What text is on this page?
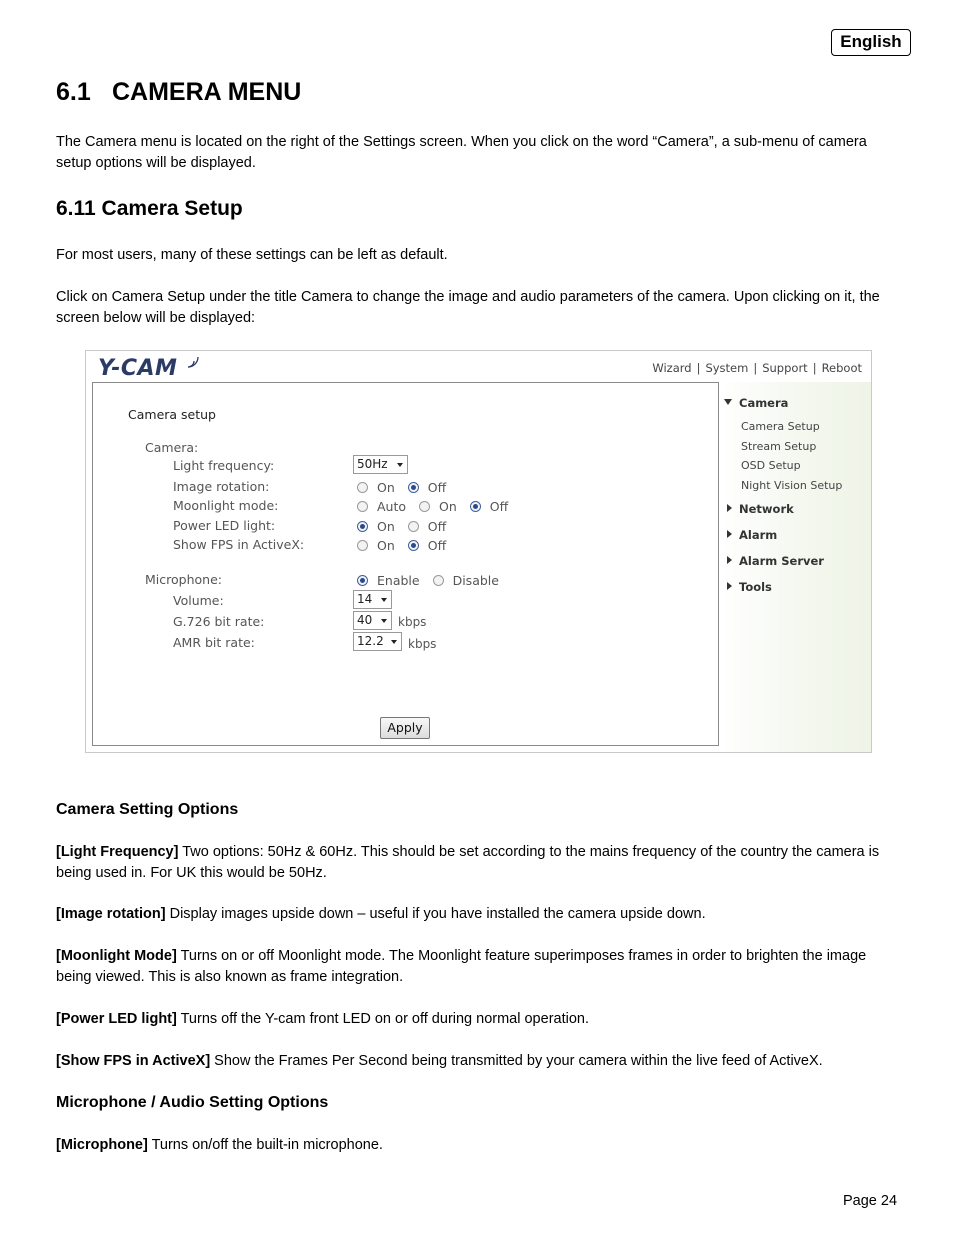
English
6.1 CAMERA MENU
The Camera menu is located on the right of the Settings screen. When you click on the word “Camera”, a sub-menu of camera setup options will be displayed.
6.11 Camera Setup
For most users, many of these settings can be left as default.
Click on Camera Setup under the title Camera to change the image and audio parameters of the camera. Upon clicking on it, the screen below will be displayed:
Y-CAM	Wizard | System | Support | Reboot
Camera setup
Camera:
Light frequency:	50Hz
Image rotation:	On	Off
Moonlight mode:	Auto	On	Off
Power LED light:	On	Off
Show FPS in ActiveX:	On	Off
Microphone:	Enable	Disable
Volume:	14
G.726 bit rate:	40	kbps
AMR bit rate:	12.2	kbps
Apply
Camera
Camera Setup
Stream Setup
OSD Setup
Night Vision Setup
Network
Alarm
Alarm Server
Tools
Camera Setting Options
[Light Frequency] Two options: 50Hz & 60Hz. This should be set according to the mains frequency of the country the camera is being used in. For UK this would be 50Hz.
[Image rotation] Display images upside down – useful if you have installed the camera upside down.
[Moonlight Mode] Turns on or off Moonlight mode. The Moonlight feature superimposes frames in order to brighten the image being viewed. This is also known as frame integration.
[Power LED light] Turns off the Y-cam front LED on or off during normal operation.
[Show FPS in ActiveX] Show the Frames Per Second being transmitted by your camera within the live feed of ActiveX.
Microphone / Audio Setting Options
[Microphone] Turns on/off the built-in microphone.
Page 24
